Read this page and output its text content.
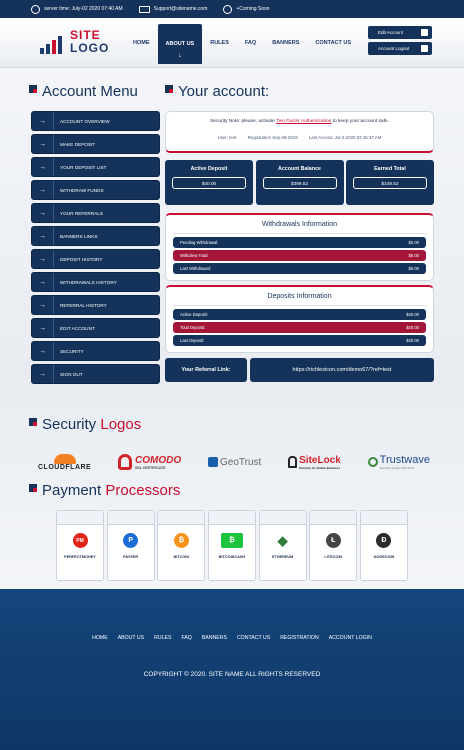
server time: July-02 2020 07:40 AM	Support@sitename.com	+Coming Soon
SITE
LOGO	HOME	ABOUT US
↓
RULES	FAQ	BANNERS	CONTACT US
Edit Account
Account Logout
Account Menu	Your account:
→	ACCOUNT OVERVIEW
→	MAKE DEPOSIT
→	YOUR DEPOSIT LIST
→	WITHDRAW FUNDS
→	YOUR REFERRALS
→	BANNERS LINKS
→	DEPOSIT HISTORY
→	WITHDRAWALS HISTORY
→	REFERRAL HISTORY
→	EDIT ACCOUNT
→	SECURITY
→	SIGN OUT
Security Note: please, activate Two Factor Authentication to keep your account safe.
User: test	Registration Sep-28-2019	Last Access: Jul-2-2020 03:15:37 AM
Active Deposit
$40.00
Account Balance
$399.52
Earned Total
$249.52
Withdrawals Information
Pending Withdrawal:	$0.00
Withdrew Total:	$6.00
Last Withdrawal:	$6.00
Deposits Information
Active Deposit:	$40.00
Total Deposit:	$40.00
Last Deposit:	$40.00
Your Referral Link:	https://richlexicon.com/demo67/?ref=test
Security Logos
CLOUDFLARE
COMODO
SSL CERTIFICATE	GeoTrust	SiteLock
Security for Online Business
Trustwave
Security Simply with Trust
Payment Processors
PM
PERFECTMONEY
P
PAYEER
₿
BITCOIN
₿
BITCOINCASH
◆
ETHEREUM
Ł
LITECOIN
Ð
DOGECOIN
HOME ABOUT US RULES FAQ BANNERS CONTACT US REGISTRATION ACCOUNT LOGIN
COPYRIGHT © 2020. SITE NAME ALL RIGHTS RESERVED
